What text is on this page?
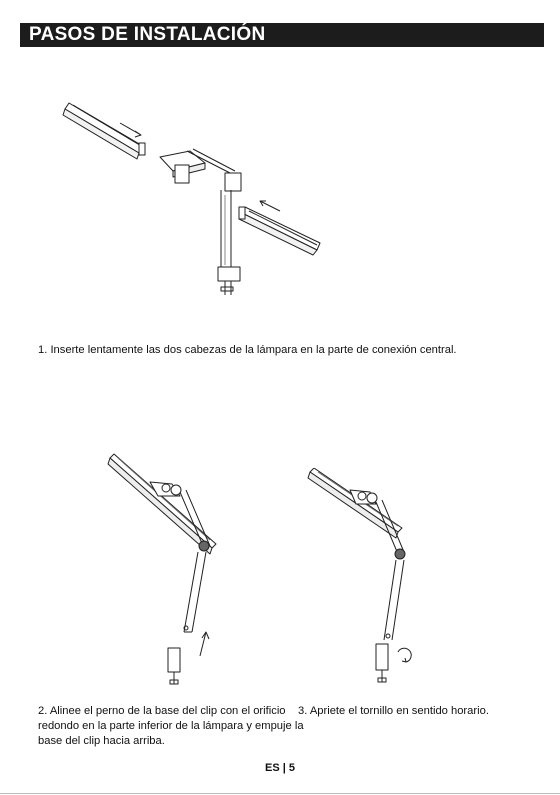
PASOS DE INSTALACIÓN
1. Inserte lentamente las dos cabezas de la lámpara en la parte de conexión central.
2. Alinee el perno de la base del clip con el orificio redondo en la parte inferior de la lámpara y empuje la base del clip hacia arriba.
3. Apriete el tornillo en sentido horario.
ES | 5
